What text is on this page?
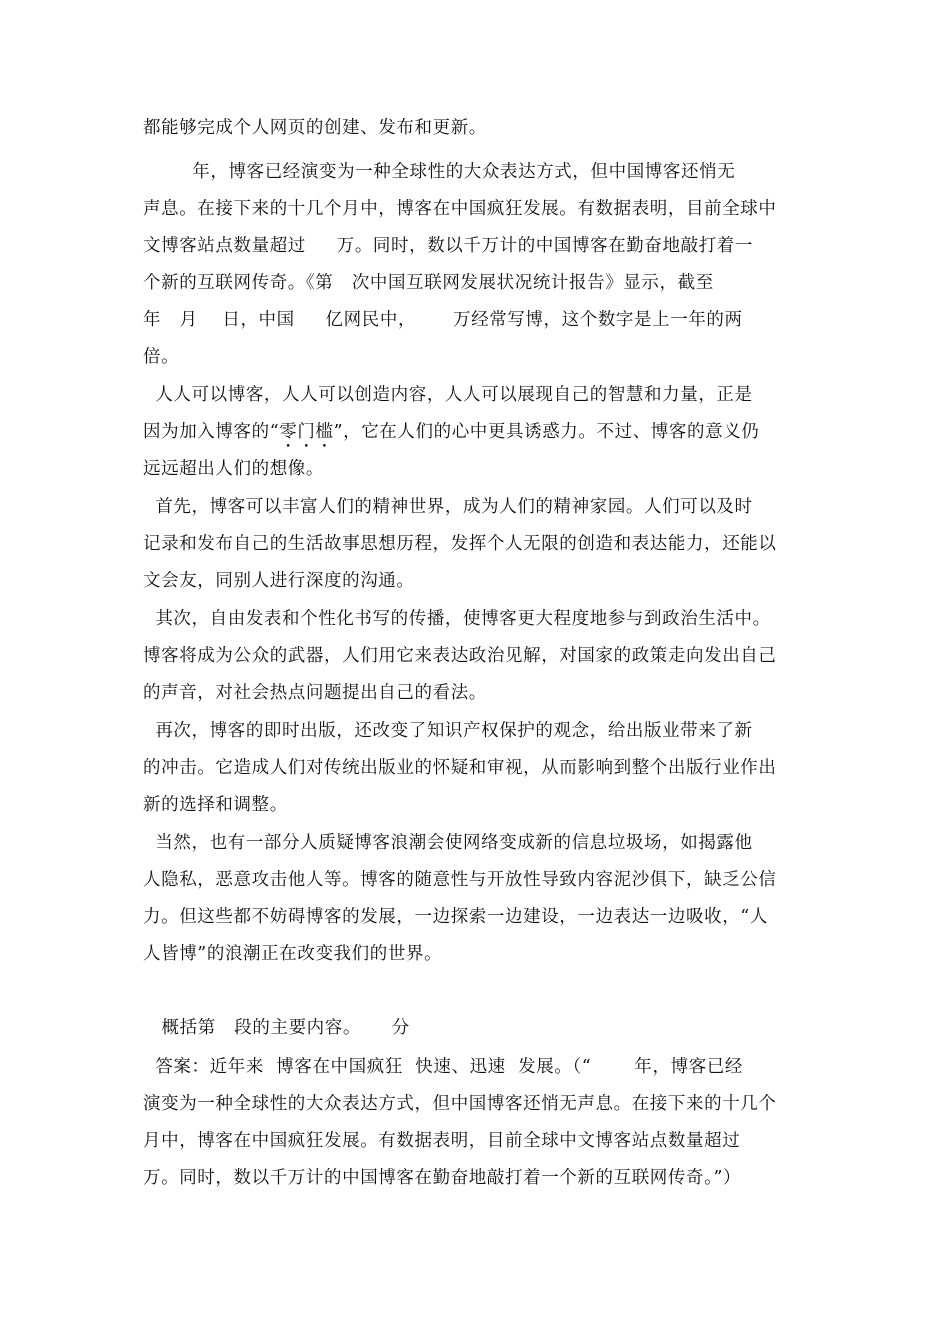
都能够完成个人网页的创建、发布和更新。
年，博客已经演变为一种全球性的大众表达方式，但中国博客还悄无
声息。在接下来的十几个月中，博客在中国疯狂发展。有数据表明，目前全球中
文博客站点数量超过     万。同时，数以千万计的中国博客在勤奋地敲打着一
个新的互联网传奇。《第   次中国互联网发展状况统计报告》显示，截至
年   月    日，中国     亿网民中，      万经常写博，这个数字是上一年的两
倍。
人人可以博客，人人可以创造内容，人人可以展现自己的智慧和力量，正是
因为加入博客的“零门槛”，它在人们的心中更具诱惑力。不过、博客的意义仍
远远超出人们的想像。
首先，博客可以丰富人们的精神世界，成为人们的精神家园。人们可以及时
记录和发布自己的生活故事思想历程，发挥个人无限的创造和表达能力，还能以
文会友，同别人进行深度的沟通。
其次，自由发表和个性化书写的传播，使博客更大程度地参与到政治生活中。
博客将成为公众的武器，人们用它来表达政治见解，对国家的政策走向发出自己
的声音，对社会热点问题提出自己的看法。
再次，博客的即时出版，还改变了知识产权保护的观念，给出版业带来了新
的冲击。它造成人们对传统出版业的怀疑和审视，从而影响到整个出版行业作出
新的选择和调整。
当然，也有一部分人质疑博客浪潮会使网络变成新的信息垃圾场，如揭露他
人隐私，恶意攻击他人等。博客的随意性与开放性导致内容泥沙俱下，缺乏公信
力。但这些都不妨碍博客的发展，一边探索一边建设，一边表达一边吸收，“人
人皆博”的浪潮正在改变我们的世界。
概括第   段的主要内容。     分
答案：近年来  博客在中国疯狂  快速、迅速  发展。（“       年，博客已经
演变为一种全球性的大众表达方式，但中国博客还悄无声息。在接下来的十几个
月中，博客在中国疯狂发展。有数据表明，目前全球中文博客站点数量超过
万。同时，数以千万计的中国博客在勤奋地敲打着一个新的互联网传奇。”）
